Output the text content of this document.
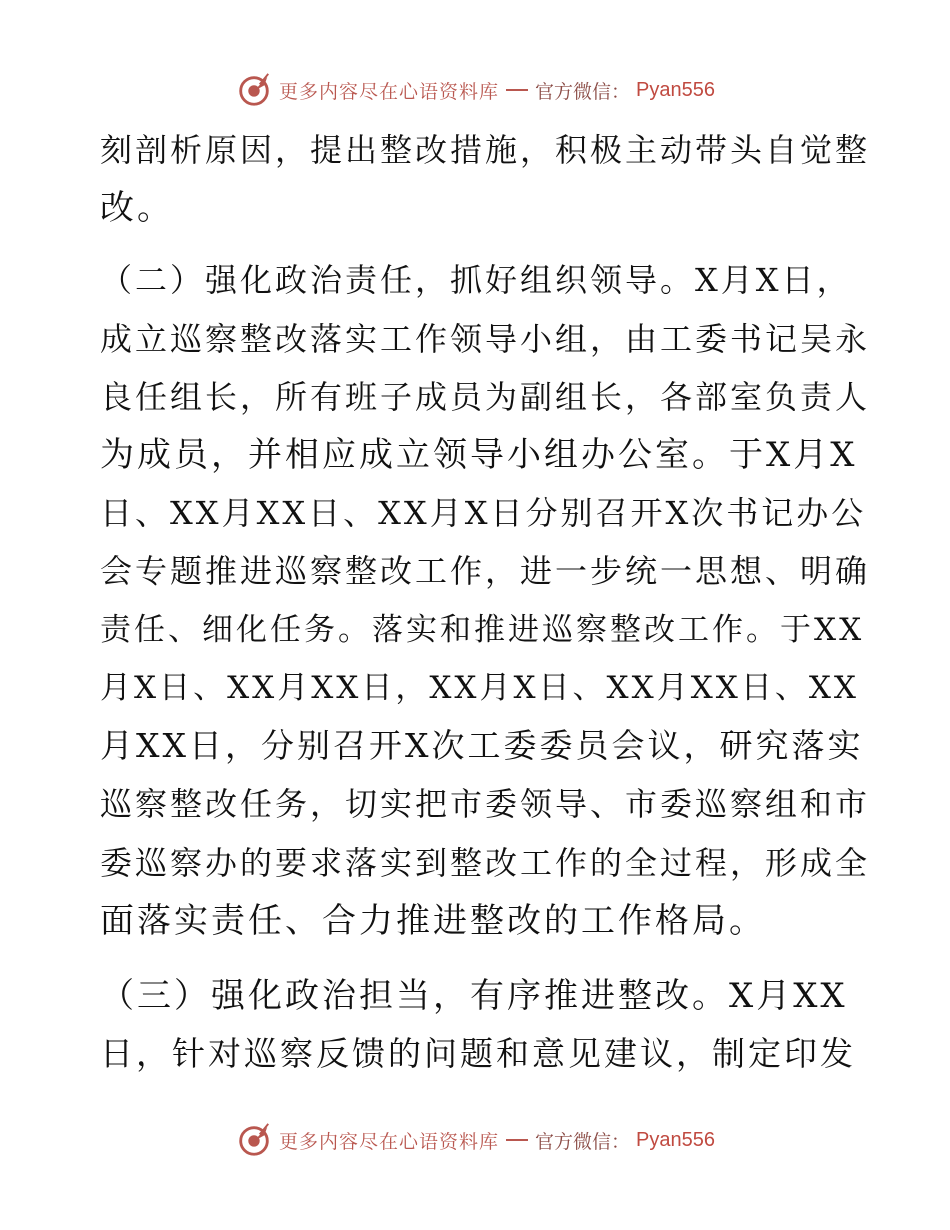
更多内容尽在心语资料库 官方微信： Pyan556
刻剖析原因，提出整改措施，积极主动带头自觉整
改。
（二）强化政治责任，抓好组织领导。X月X日，
成立巡察整改落实工作领导小组，由工委书记吴永
良任组长，所有班子成员为副组长，各部室负责人
为成员，并相应成立领导小组办公室。于X月X
日、XX月XX日、XX月X日分别召开X次书记办公
会专题推进巡察整改工作，进一步统一思想、明确
责任、细化任务。落实和推进巡察整改工作。于XX
月X日、XX月XX日，XX月X日、XX月XX日、XX
月XX日，分别召开X次工委委员会议，研究落实
巡察整改任务，切实把市委领导、市委巡察组和市
委巡察办的要求落实到整改工作的全过程，形成全
面落实责任、合力推进整改的工作格局。
（三）强化政治担当，有序推进整改。X月XX
日，针对巡察反馈的问题和意见建议，制定印发
更多内容尽在心语资料库 官方微信： Pyan556
